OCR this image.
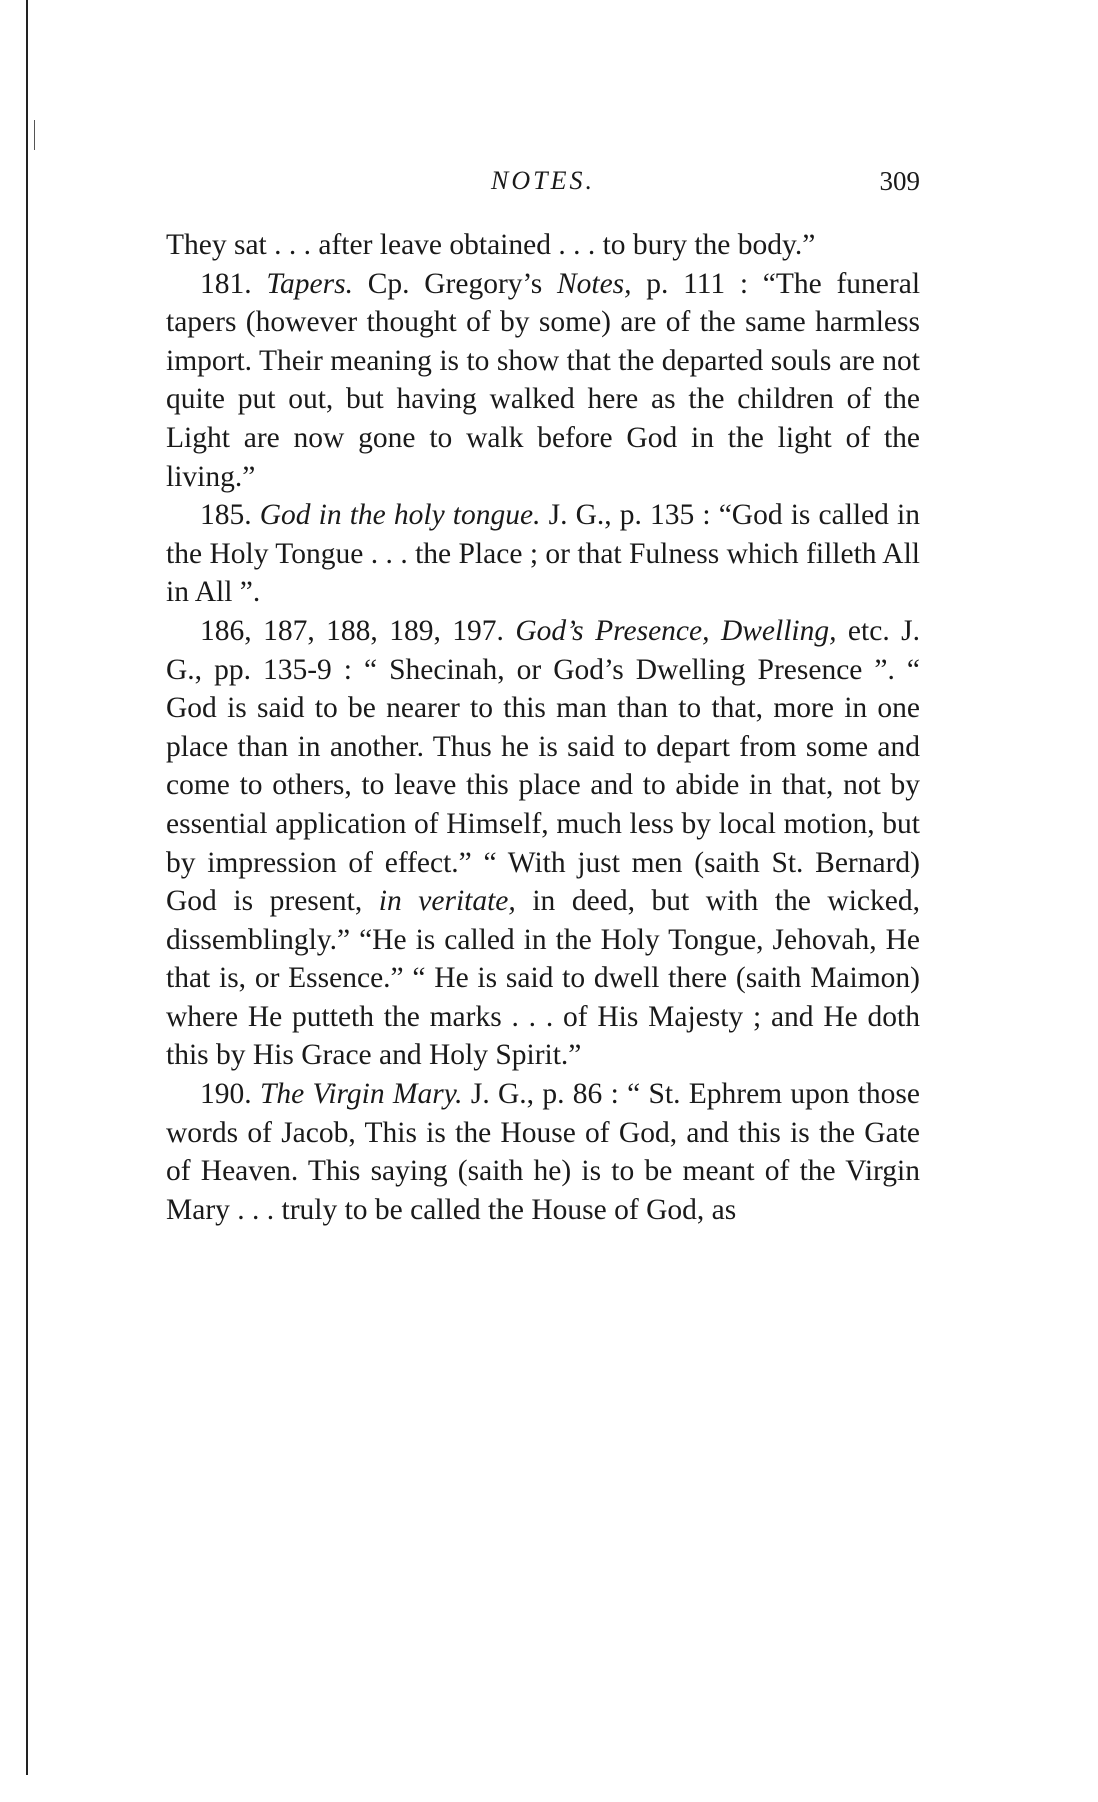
NOTES.	309

They sat . . . after leave obtained . . . to bury the body.”

181. Tapers. Cp. Gregory’s Notes, p. 111 : “The funeral tapers (however thought of by some) are of the same harmless import. Their meaning is to show that the departed souls are not quite put out, but having walked here as the children of the Light are now gone to walk before God in the light of the living.”

185. God in the holy tongue. J. G., p. 135 : “God is called in the Holy Tongue . . . the Place ; or that Fulness which filleth All in All ”.

186, 187, 188, 189, 197. God’s Presence, Dwelling, etc. J. G., pp. 135-9 : “ Shecinah, or God’s Dwelling Presence ”. “ God is said to be nearer to this man than to that, more in one place than in another. Thus he is said to depart from some and come to others, to leave this place and to abide in that, not by essential application of Himself, much less by local motion, but by impression of effect.” “ With just men (saith St. Bernard) God is present, in veritate, in deed, but with the wicked, dissemblingly.” “He is called in the Holy Tongue, Jehovah, He that is, or Essence.” “ He is said to dwell there (saith Maimon) where He putteth the marks . . . of His Majesty ; and He doth this by His Grace and Holy Spirit.”

190. The Virgin Mary. J. G., p. 86 : “ St. Ephrem upon those words of Jacob, This is the House of God, and this is the Gate of Heaven. This saying (saith he) is to be meant of the Virgin Mary . . . truly to be called the House of God, as
